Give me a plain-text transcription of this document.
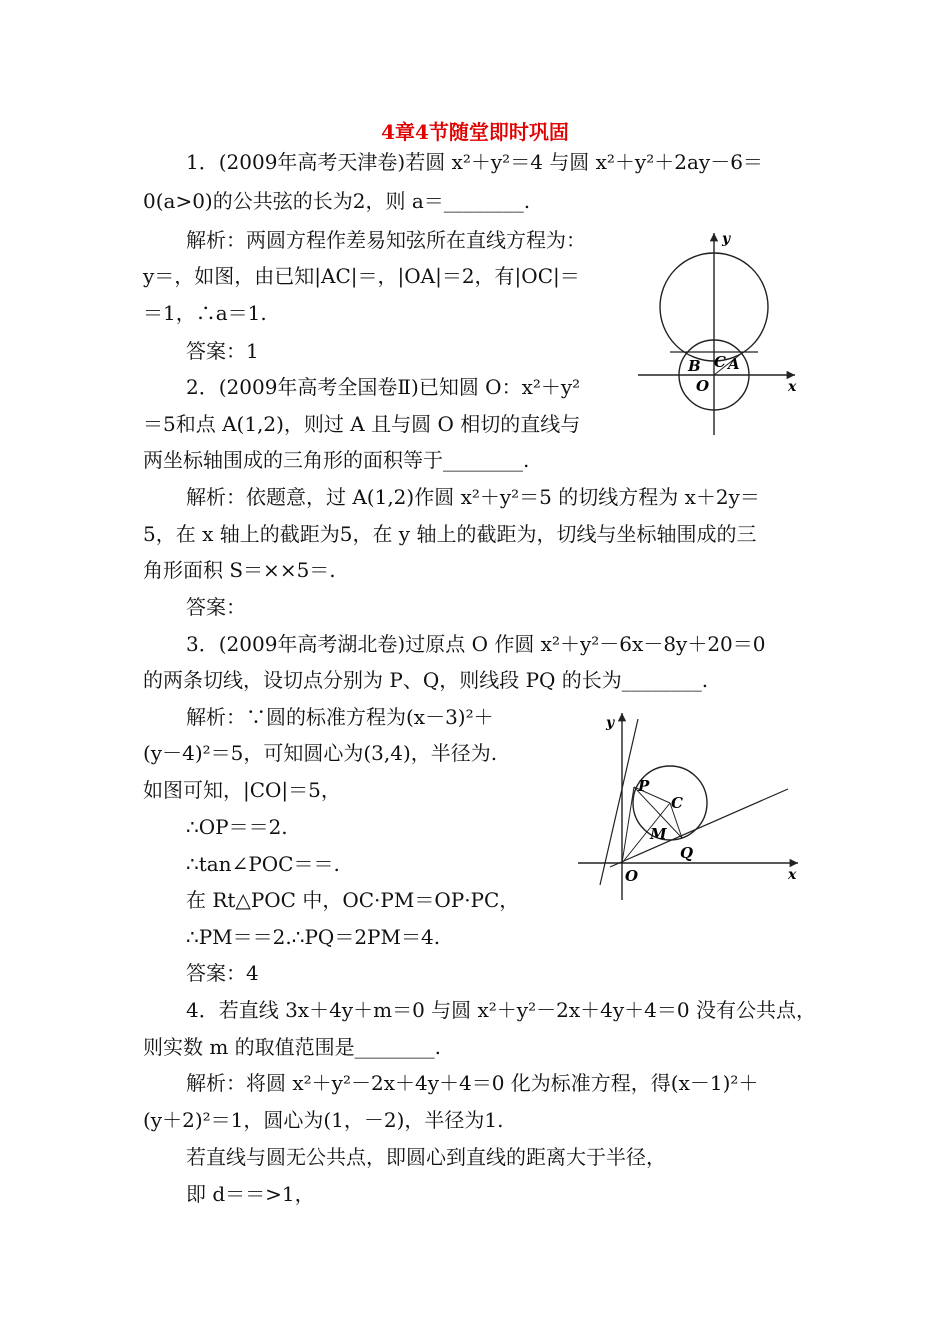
4章4节随堂即时巩固
1．(2009年高考天津卷)若圆 x²＋y²＝4 与圆 x²＋y²＋2ay－6＝
0(a>0)的公共弦的长为2，则 a＝________.
解析：两圆方程作差易知弦所在直线方程为：
y＝，如图，由已知|AC|＝，|OA|＝2，有|OC|＝
＝1，∴a＝1.
答案：1
2．(2009年高考全国卷Ⅱ)已知圆 O：x²＋y²
＝5和点 A(1,2)，则过 A 且与圆 O 相切的直线与
两坐标轴围成的三角形的面积等于________.
解析：依题意，过 A(1,2)作圆 x²＋y²＝5 的切线方程为 x＋2y＝
5，在 x 轴上的截距为5，在 y 轴上的截距为，切线与坐标轴围成的三
角形面积 S＝××5＝.
答案：
3．(2009年高考湖北卷)过原点 O 作圆 x²＋y²－6x－8y＋20＝0
的两条切线，设切点分别为 P、Q，则线段 PQ 的长为________.
解析：∵圆的标准方程为(x－3)²＋
(y－4)²＝5，可知圆心为(3,4)，半径为.
如图可知，|CO|＝5，
∴OP＝＝2.
∴tan∠POC＝＝.
在 Rt△POC 中，OC·PM＝OP·PC，
∴PM＝＝2.∴PQ＝2PM＝4.
答案：4
4．若直线 3x＋4y＋m＝0 与圆 x²＋y²－2x＋4y＋4＝0 没有公共点，
则实数 m 的取值范围是________.
解析：将圆 x²＋y²－2x＋4y＋4＝0 化为标准方程，得(x－1)²＋
(y＋2)²＝1，圆心为(1，－2)，半径为1.
若直线与圆无公共点，即圆心到直线的距离大于半径，
即 d＝＝>1，
y
x
B C A
O
y
x
P
C
M
Q
O
